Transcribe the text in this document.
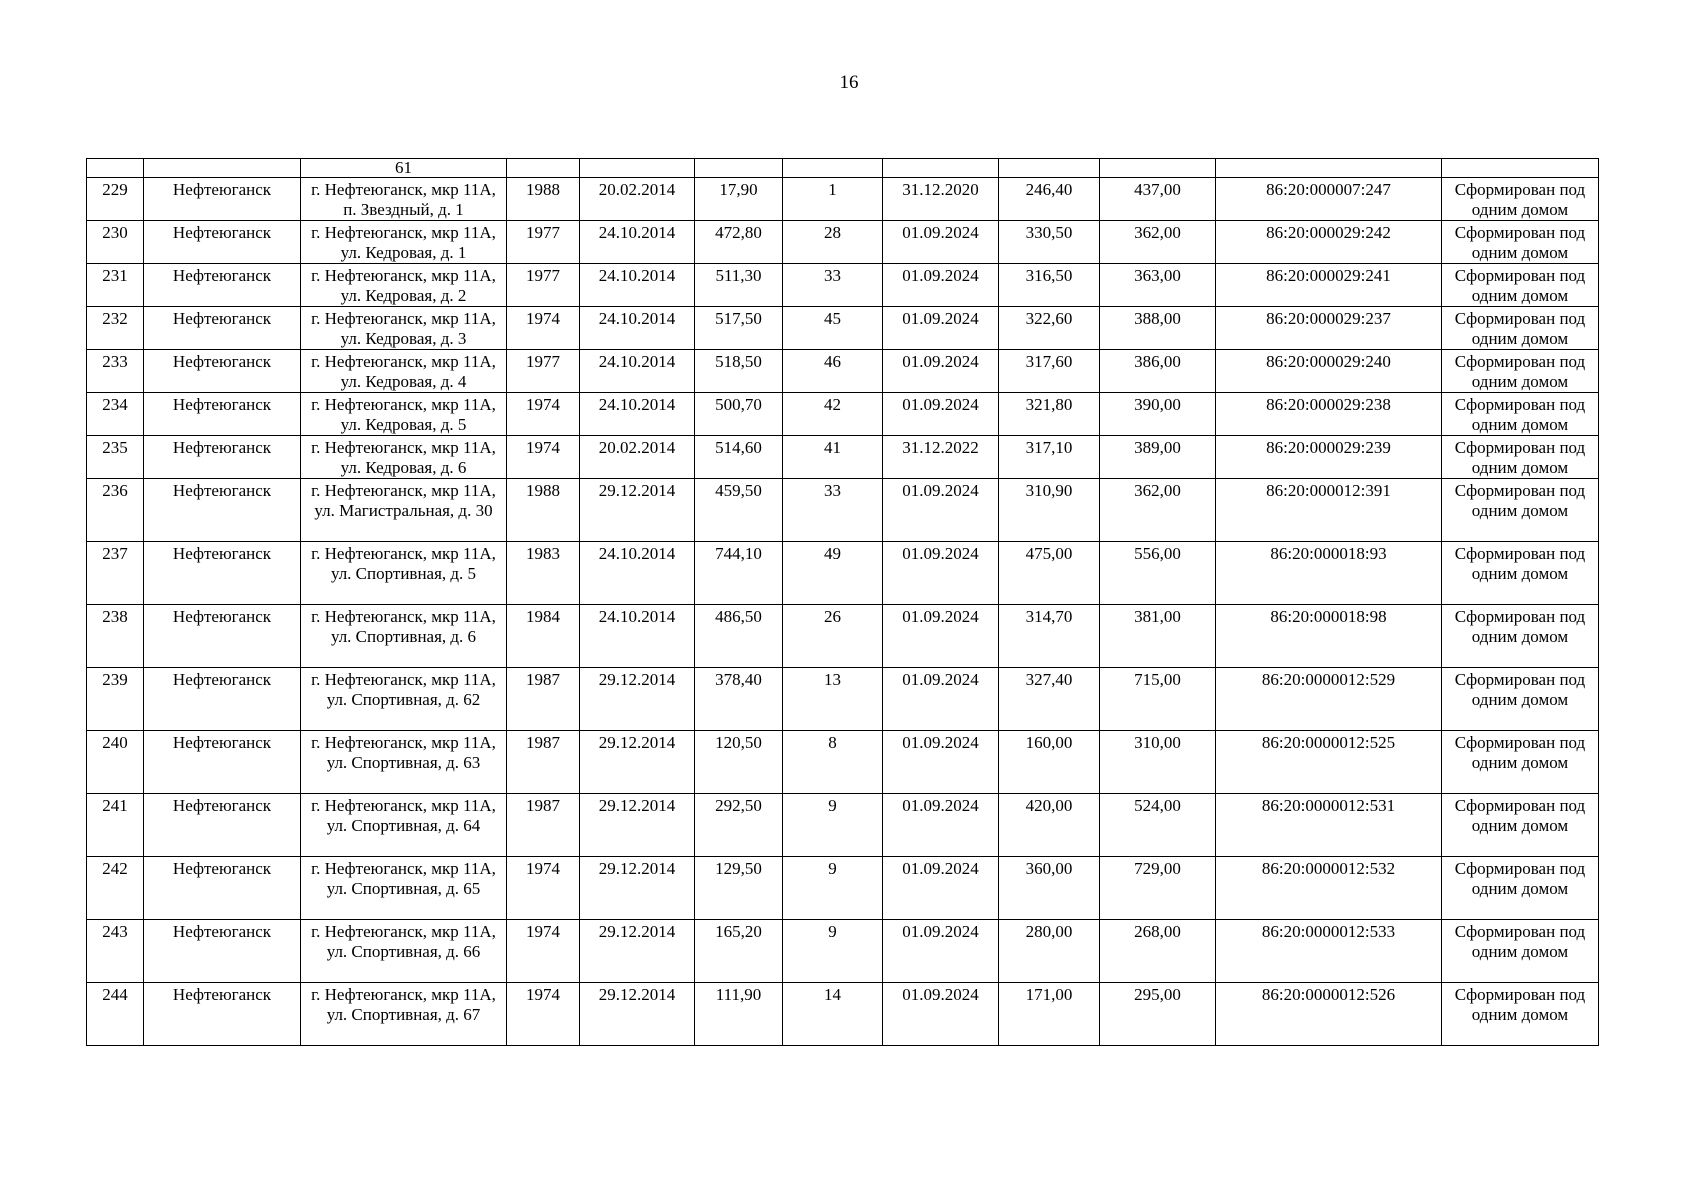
16
		61									
229	Нефтеюганск	г. Нефтеюганск, мкр 11А, п. Звездный, д. 1	1988	20.02.2014	17,90	1	31.12.2020	246,40	437,00	86:20:000007:247	Сформирован под одним домом
230	Нефтеюганск	г. Нефтеюганск, мкр 11А, ул. Кедровая, д. 1	1977	24.10.2014	472,80	28	01.09.2024	330,50	362,00	86:20:000029:242	Сформирован под одним домом
231	Нефтеюганск	г. Нефтеюганск, мкр 11А, ул. Кедровая, д. 2	1977	24.10.2014	511,30	33	01.09.2024	316,50	363,00	86:20:000029:241	Сформирован под одним домом
232	Нефтеюганск	г. Нефтеюганск, мкр 11А, ул. Кедровая, д. 3	1974	24.10.2014	517,50	45	01.09.2024	322,60	388,00	86:20:000029:237	Сформирован под одним домом
233	Нефтеюганск	г. Нефтеюганск, мкр 11А, ул. Кедровая, д. 4	1977	24.10.2014	518,50	46	01.09.2024	317,60	386,00	86:20:000029:240	Сформирован под одним домом
234	Нефтеюганск	г. Нефтеюганск, мкр 11А, ул. Кедровая, д. 5	1974	24.10.2014	500,70	42	01.09.2024	321,80	390,00	86:20:000029:238	Сформирован под одним домом
235	Нефтеюганск	г. Нефтеюганск, мкр 11А, ул. Кедровая, д. 6	1974	20.02.2014	514,60	41	31.12.2022	317,10	389,00	86:20:000029:239	Сформирован под одним домом
236	Нефтеюганск	г. Нефтеюганск, мкр 11А, ул. Магистральная, д. 30	1988	29.12.2014	459,50	33	01.09.2024	310,90	362,00	86:20:000012:391	Сформирован под одним домом
237	Нефтеюганск	г. Нефтеюганск, мкр 11А, ул. Спортивная, д. 5	1983	24.10.2014	744,10	49	01.09.2024	475,00	556,00	86:20:000018:93	Сформирован под одним домом
238	Нефтеюганск	г. Нефтеюганск, мкр 11А, ул. Спортивная, д. 6	1984	24.10.2014	486,50	26	01.09.2024	314,70	381,00	86:20:000018:98	Сформирован под одним домом
239	Нефтеюганск	г. Нефтеюганск, мкр 11А, ул. Спортивная, д. 62	1987	29.12.2014	378,40	13	01.09.2024	327,40	715,00	86:20:0000012:529	Сформирован под одним домом
240	Нефтеюганск	г. Нефтеюганск, мкр 11А, ул. Спортивная, д. 63	1987	29.12.2014	120,50	8	01.09.2024	160,00	310,00	86:20:0000012:525	Сформирован под одним домом
241	Нефтеюганск	г. Нефтеюганск, мкр 11А, ул. Спортивная, д. 64	1987	29.12.2014	292,50	9	01.09.2024	420,00	524,00	86:20:0000012:531	Сформирован под одним домом
242	Нефтеюганск	г. Нефтеюганск, мкр 11А, ул. Спортивная, д. 65	1974	29.12.2014	129,50	9	01.09.2024	360,00	729,00	86:20:0000012:532	Сформирован под одним домом
243	Нефтеюганск	г. Нефтеюганск, мкр 11А, ул. Спортивная, д. 66	1974	29.12.2014	165,20	9	01.09.2024	280,00	268,00	86:20:0000012:533	Сформирован под одним домом
244	Нефтеюганск	г. Нефтеюганск, мкр 11А, ул. Спортивная, д. 67	1974	29.12.2014	111,90	14	01.09.2024	171,00	295,00	86:20:0000012:526	Сформирован под одним домом
